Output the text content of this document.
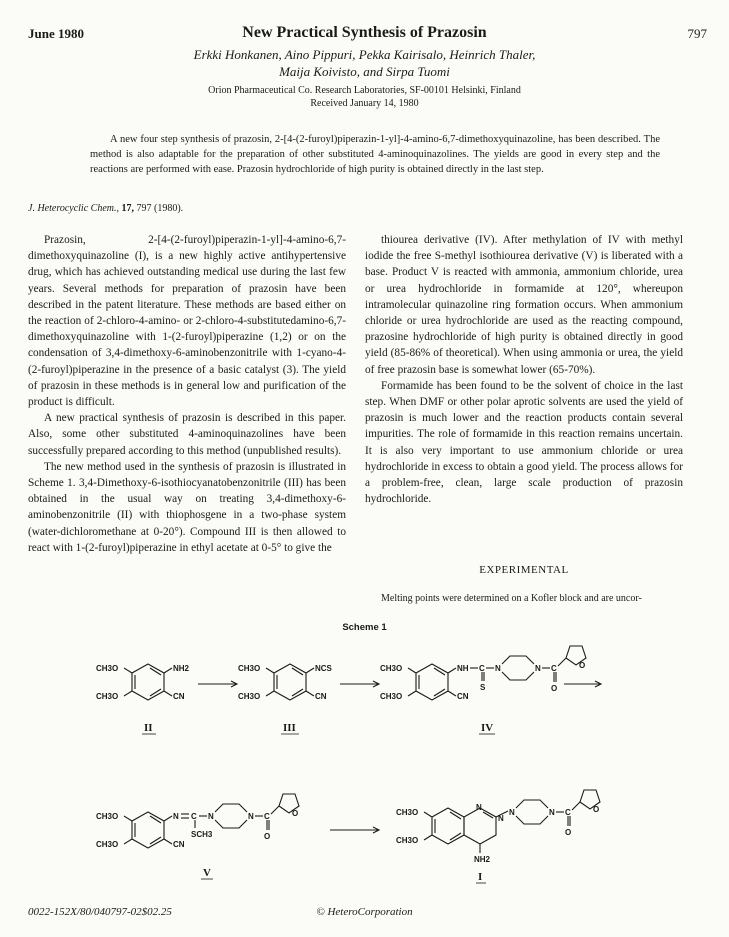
June 1980	New Practical Synthesis of Prazosin	797
Erkki Honkanen, Aino Pippuri, Pekka Kairisalo, Heinrich Thaler,
Maija Koivisto, and Sirpa Tuomi
Orion Pharmaceutical Co. Research Laboratories, SF-00101 Helsinki, Finland
Received January 14, 1980
A new four step synthesis of prazosin, 2-[4-(2-furoyl)piperazin-1-yl]-4-amino-6,7-dimethoxyquinazoline, has been described. The method is also adaptable for the preparation of other substituted 4-aminoquinazolines. The yields are good in every step and the reactions are performed with ease. Prazosin hydrochloride of high purity is obtained directly in the last step.
J. Heterocyclic Chem., 17, 797 (1980).

Prazosin, 2-[4-(2-furoyl)piperazin-1-yl]-4-amino-6,7-dimethoxyquinazoline (I), is a new highly active antihypertensive drug, which has achieved outstanding medical use during the last few years. Several methods for preparation of prazosin have been described in the patent literature. These methods are based either on the reaction of 2-chloro-4-amino- or 2-chloro-4-substitutedamino-6,7-dimethoxyquinazoline with 1-(2-furoyl)piperazine (1,2) or on the condensation of 3,4-dimethoxy-6-aminobenzonitrile with 1-cyano-4-(2-furoyl)piperazine in the presence of a basic catalyst (3). The yield of prazosin in these methods is in general low and purification of the product is difficult.

A new practical synthesis of prazosin is described in this paper. Also, some other substituted 4-aminoquinazolines have been successfully prepared according to this method (unpublished results).

The new method used in the synthesis of prazosin is illustrated in Scheme 1. 3,4-Dimethoxy-6-isothiocyanatobenzonitrile (III) has been obtained in the usual way on treating 3,4-dimethoxy-6-aminobenzonitrile (II) with thiophosgene in a two-phase system (water-dichloromethane at 0-20°). Compound III is then allowed to react with 1-(2-furoyl)piperazine in ethyl acetate at 0-5° to give the

thiourea derivative (IV). After methylation of IV with methyl iodide the free S-methyl isothiourea derivative (V) is liberated with a base. Product V is reacted with ammonia, ammonium chloride, urea or urea hydrochloride in formamide at 120°, whereupon intramolecular quinazoline ring formation occurs. When ammonium chloride or urea hydrochloride are used as the reacting compound, prazosine hydrochloride of high purity is obtained directly in good yield (85-86% of theoretical). When using ammonia or urea, the yield of free prazosin base is somewhat lower (65-70%).

Formamide has been found to be the solvent of choice in the last step. When DMF or other polar aprotic solvents are used the yield of prazosin is much lower and the reaction products contain several impurities. The role of formamide in this reaction remains uncertain. It is also very important to use ammonium chloride or urea hydrochloride in excess to obtain a good yield. The process allows for a problem-free, clean, large scale production of prazosin hydrochloride.

EXPERIMENTAL
Melting points were determined on a Kofler block and are uncor-
Scheme 1
CH3O
CH3O
NH2
CN
II
CH3O
CH3O
NCS
CN
III
CH3O
CH3O
NH
CN
C
S
N	N C
O
O
IV
CH3O
CH3O
N
CN
C
SCH3
N	N C
O
O
V
CH3O
CH3O
N
N
NH2
N	N C
O
O
I
0022-152X/80/040797-02$02.25	© HeteroCorporation
